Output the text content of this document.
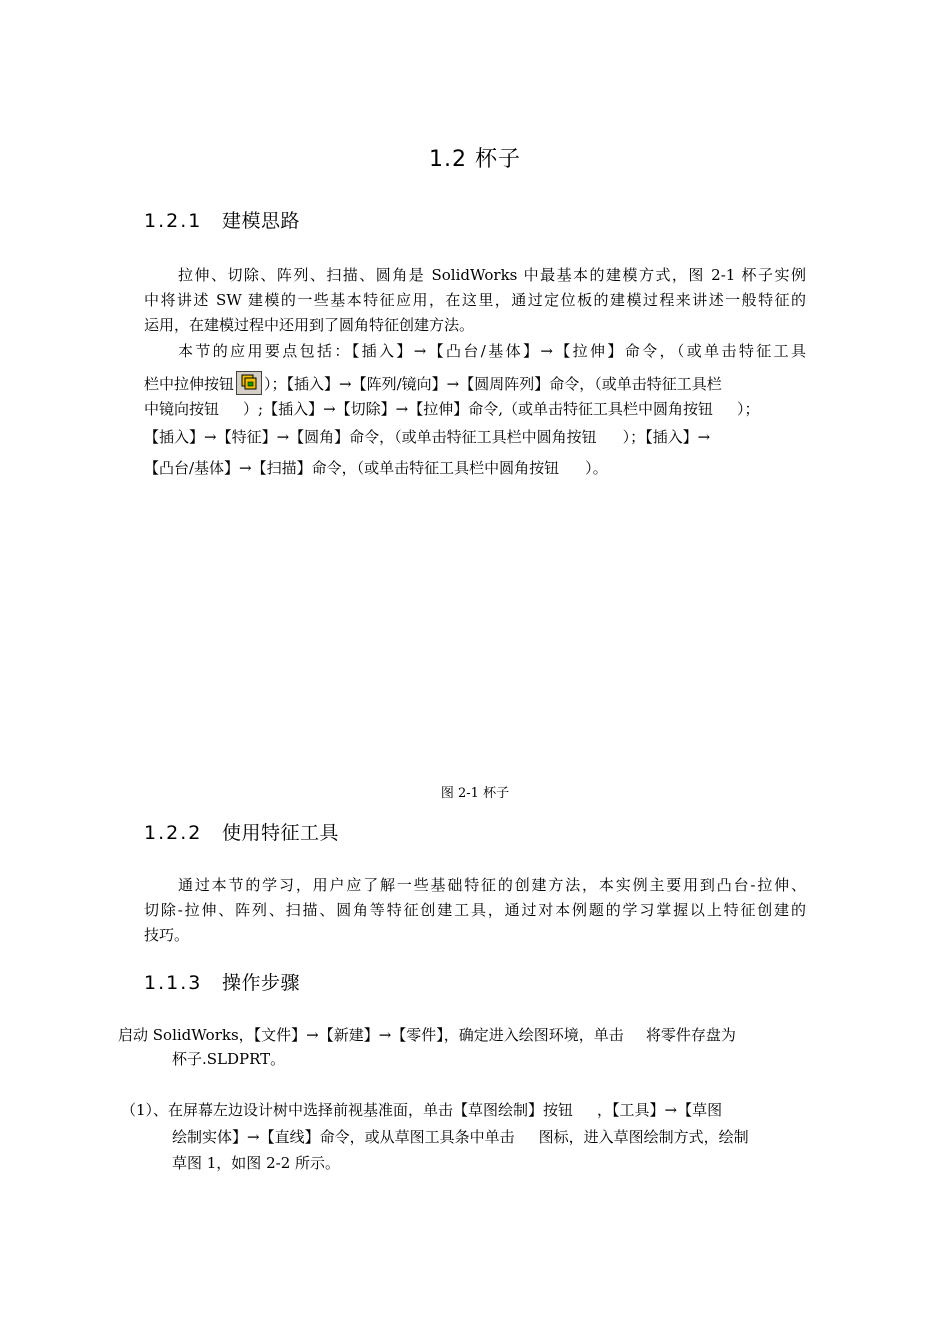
1.2 杯子
1.2.1 建模思路
拉伸、切除、阵列、扫描、圆角是 SolidWorks 中最基本的建模方式，图 2-1 杯子实例
中将讲述 SW 建模的一些基本特征应用，在这里，通过定位板的建模过程来讲述一般特征的
运用，在建模过程中还用到了圆角特征创建方法。
本节的应用要点包括：【插入】→【凸台/基体】→【拉伸】命令，（或单击特征工具
栏中拉伸按钮 ）；【插入】→【阵列/镜向】→【圆周阵列】命令，（或单击特征工具栏
中镜向按钮 ）;【插入】→【切除】→【拉伸】命令,（或单击特征工具栏中圆角按钮 ）；
【插入】→【特征】→【圆角】命令，（或单击特征工具栏中圆角按钮 ）；【插入】→
【凸台/基体】→【扫描】命令，（或单击特征工具栏中圆角按钮 ）。
图 2-1 杯子
1.2.2 使用特征工具
通过本节的学习，用户应了解一些基础特征的创建方法，本实例主要用到凸台-拉伸、
切除-拉伸、阵列、扫描、圆角等特征创建工具，通过对本例题的学习掌握以上特征创建的
技巧。
1.1.3 操作步骤
启动 SolidWorks，【文件】→【新建】→【零件】，确定进入绘图环境，单击 将零件存盘为
杯子.SLDPRT。
（1）、在屏幕左边设计树中选择前视基准面，单击【草图绘制】按钮 ，【工具】→【草图
绘制实体】→【直线】命令，或从草图工具条中单击 图标，进入草图绘制方式，绘制
草图 1，如图 2-2 所示。
